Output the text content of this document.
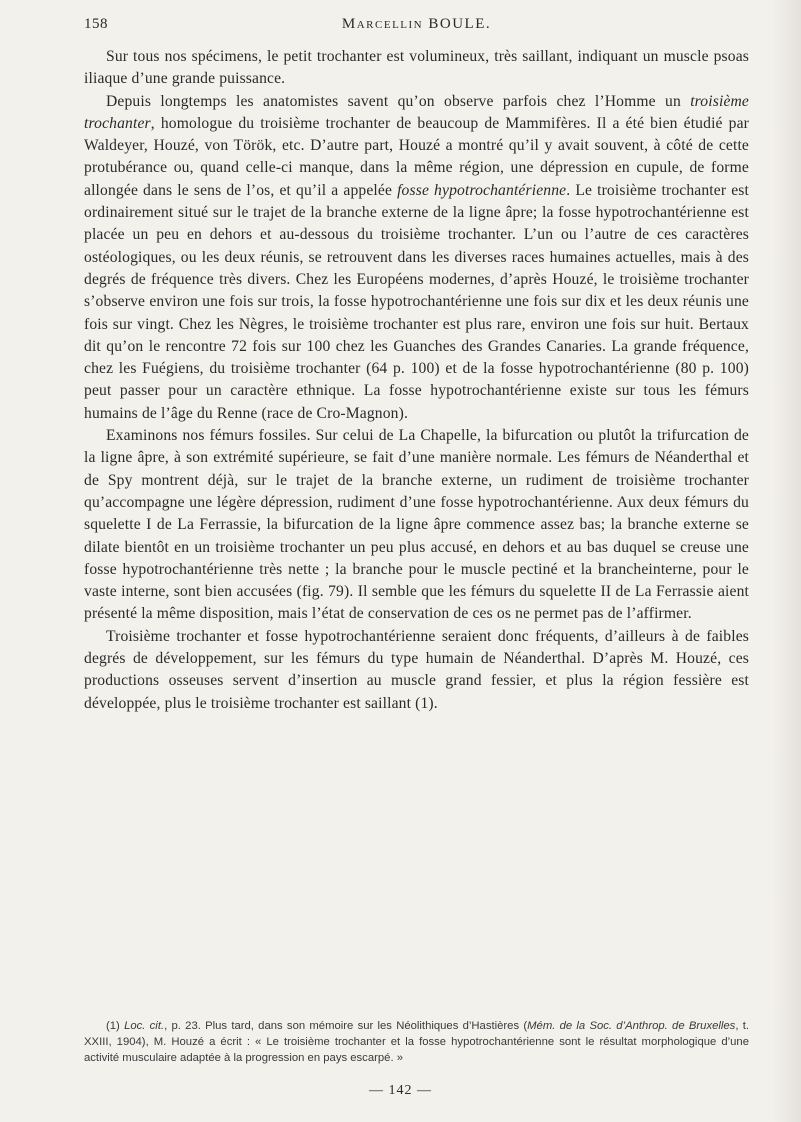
158	Marcellin BOULE.

Sur tous nos spécimens, le petit trochanter est volumineux, très saillant, indiquant un muscle psoas iliaque d’une grande puissance.

Depuis longtemps les anatomistes savent qu’on observe parfois chez l’Homme un troisième trochanter, homologue du troisième trochanter de beaucoup de Mammifères. Il a été bien étudié par Waldeyer, Houzé, von Török, etc. D’autre part, Houzé a montré qu’il y avait souvent, à côté de cette protubérance ou, quand celle-ci manque, dans la même région, une dépression en cupule, de forme allongée dans le sens de l’os, et qu’il a appelée fosse hypotrochantérienne. Le troisième trochanter est ordinairement situé sur le trajet de la branche externe de la ligne âpre; la fosse hypotrochantérienne est placée un peu en dehors et au-dessous du troisième trochanter. L’un ou l’autre de ces caractères ostéologiques, ou les deux réunis, se retrouvent dans les diverses races humaines actuelles, mais à des degrés de fréquence très divers. Chez les Européens modernes, d’après Houzé, le troisième trochanter s’observe environ une fois sur trois, la fosse hypotrochantérienne une fois sur dix et les deux réunis une fois sur vingt. Chez les Nègres, le troisième trochanter est plus rare, environ une fois sur huit. Bertaux dit qu’on le rencontre 72 fois sur 100 chez les Guanches des Grandes Canaries. La grande fréquence, chez les Fuégiens, du troisième trochanter (64 p. 100) et de la fosse hypotrochantérienne (80 p. 100) peut passer pour un caractère ethnique. La fosse hypotrochantérienne existe sur tous les fémurs humains de l’âge du Renne (race de Cro-Magnon).

Examinons nos fémurs fossiles. Sur celui de La Chapelle, la bifurcation ou plutôt la trifurcation de la ligne âpre, à son extrémité supérieure, se fait d’une manière normale. Les fémurs de Néanderthal et de Spy montrent déjà, sur le trajet de la branche externe, un rudiment de troisième trochanter qu’accompagne une légère dépression, rudiment d’une fosse hypotrochantérienne. Aux deux fémurs du squelette I de La Ferrassie, la bifurcation de la ligne âpre commence assez bas; la branche externe se dilate bientôt en un troisième trochanter un peu plus accusé, en dehors et au bas duquel se creuse une fosse hypotrochantérienne très nette ; la branche pour le muscle pectiné et la brancheinterne, pour le vaste interne, sont bien accusées (fig. 79). Il semble que les fémurs du squelette II de La Ferrassie aient présenté la même disposition, mais l’état de conservation de ces os ne permet pas de l’affirmer.

Troisième trochanter et fosse hypotrochantérienne seraient donc fréquents, d’ailleurs à de faibles degrés de développement, sur les fémurs du type humain de Néanderthal. D’après M. Houzé, ces productions osseuses servent d’insertion au muscle grand fessier, et plus la région fessière est développée, plus le troisième trochanter est saillant (1).

(1) Loc. cit., p. 23. Plus tard, dans son mémoire sur les Néolithiques d’Hastières (Mém. de la Soc. d’Anthrop. de Bruxelles, t. XXIII, 1904), M. Houzé a écrit : « Le troisième trochanter et la fosse hypotrochantérienne sont le résultat morphologique d’une activité musculaire adaptée à la progression en pays escarpé. »

— 142 —
